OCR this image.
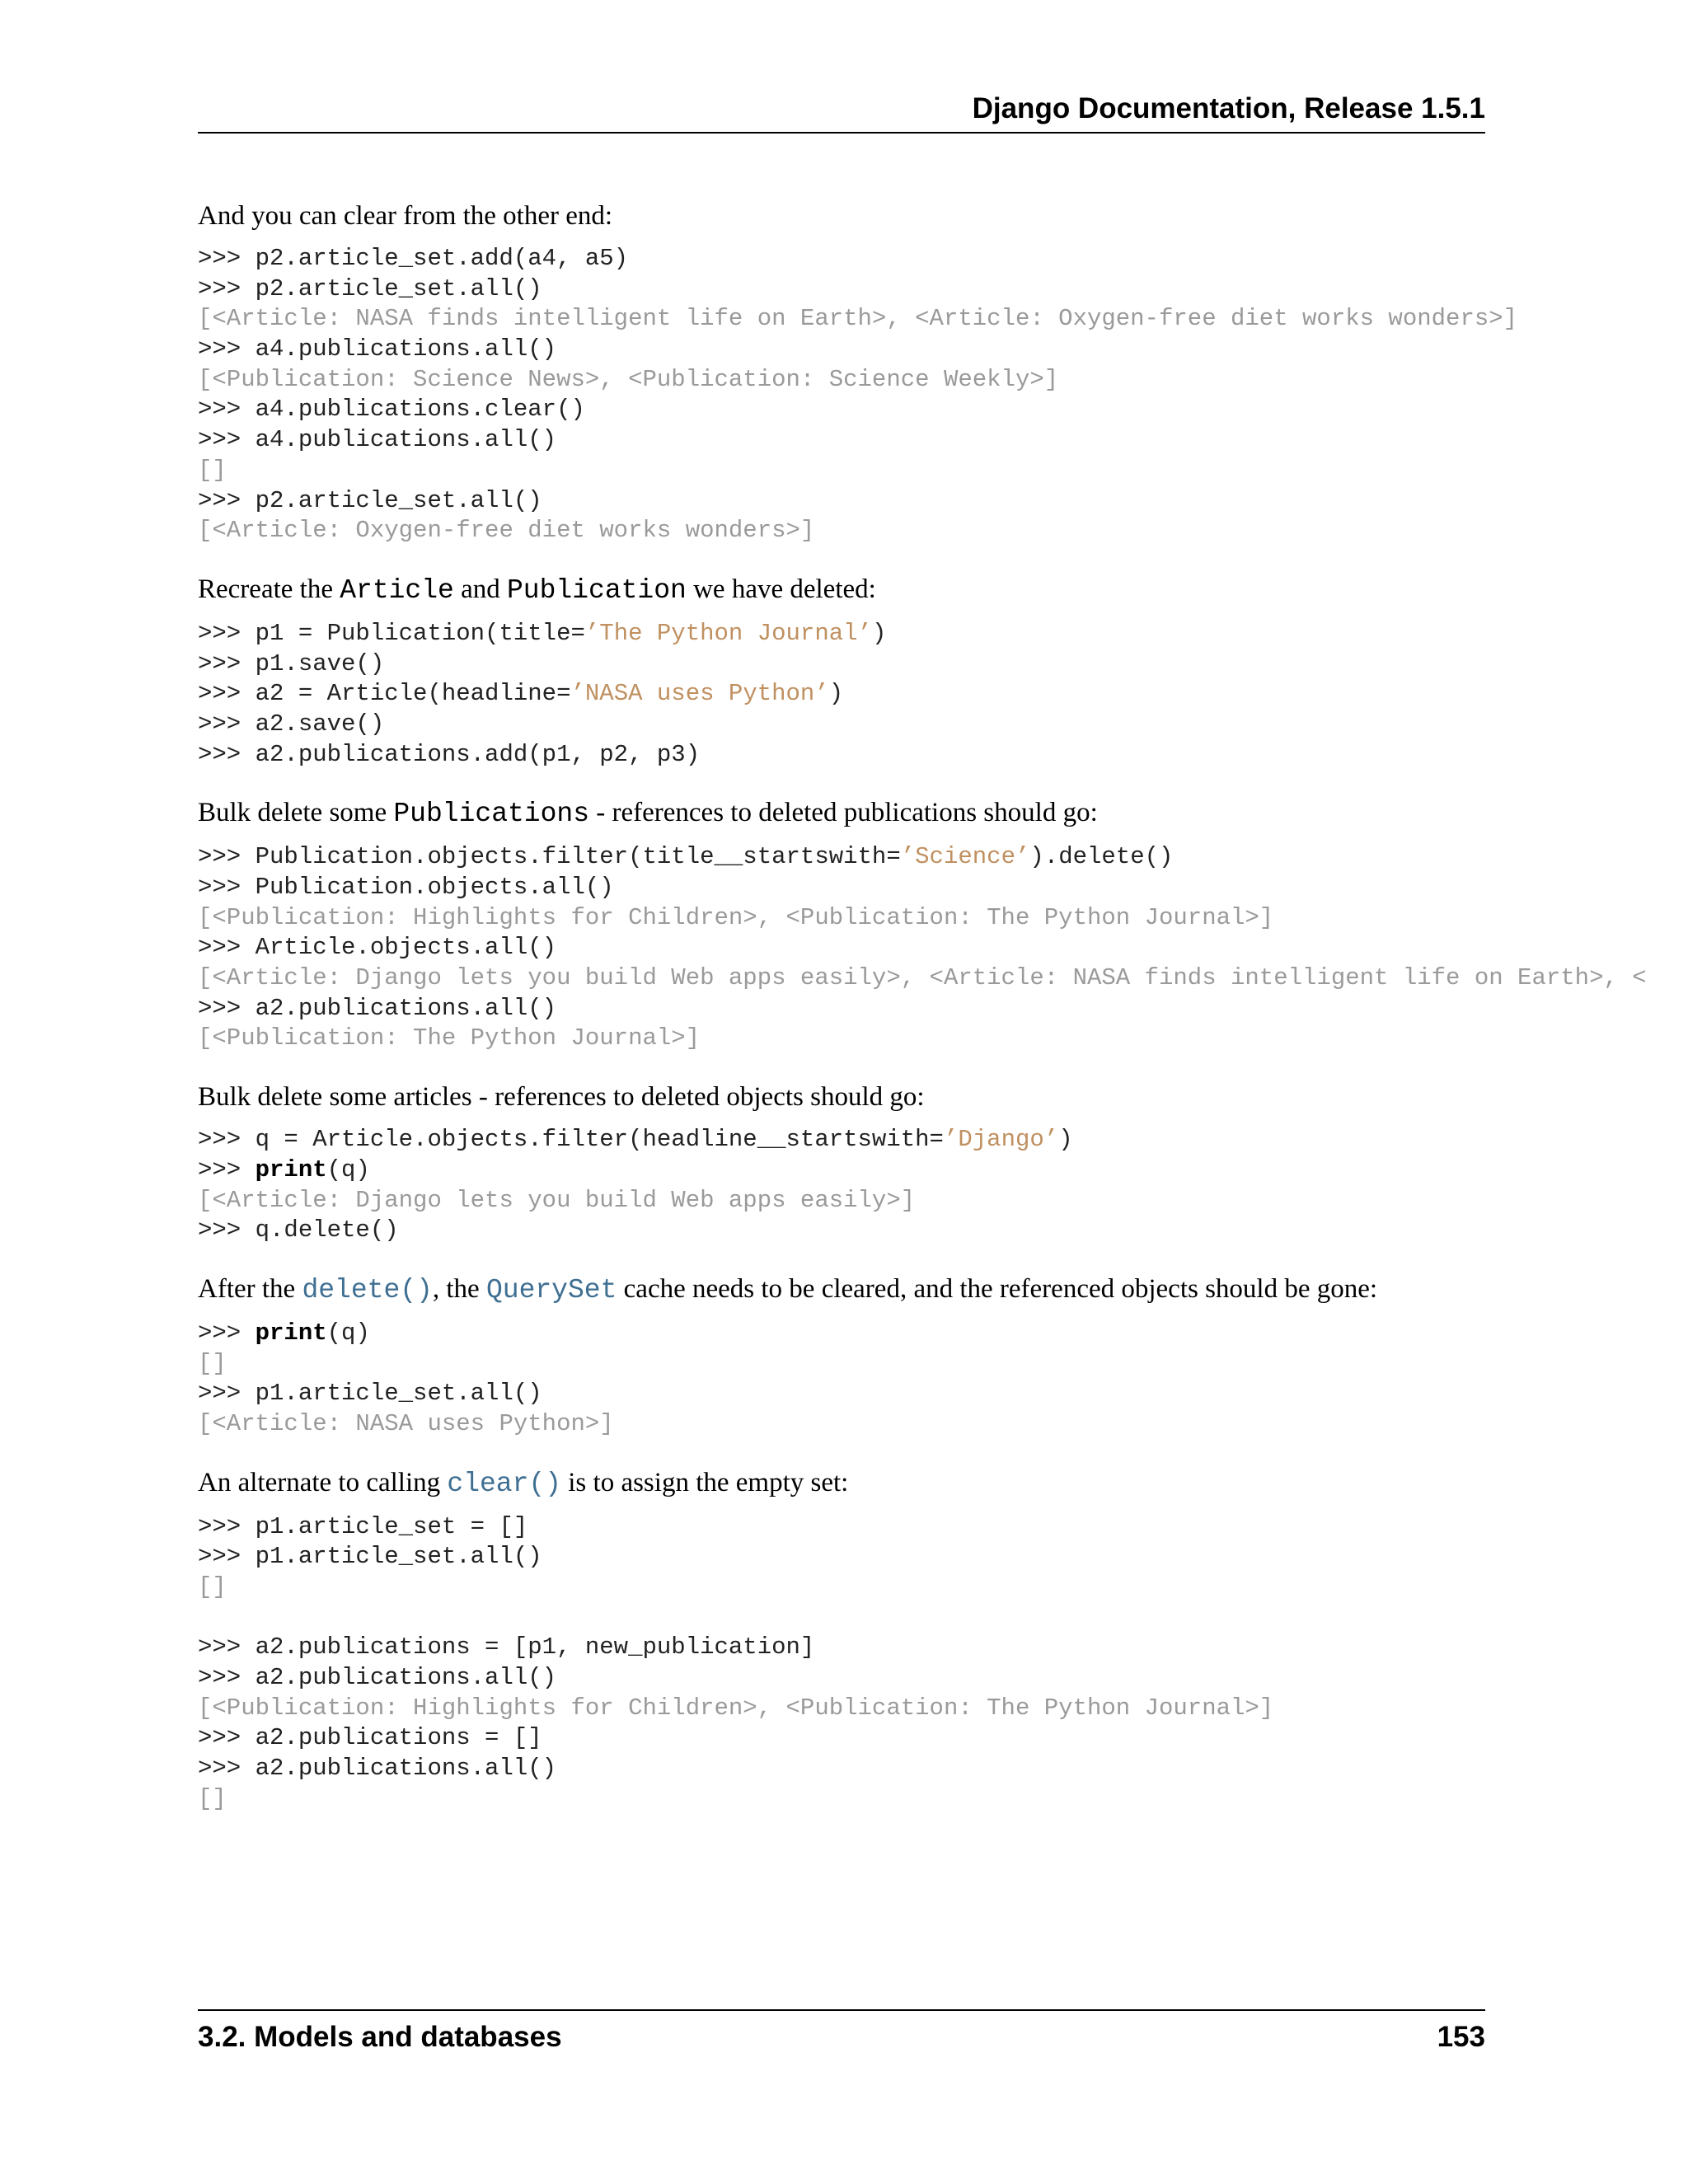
Django Documentation, Release 1.5.1

And you can clear from the other end:

>>> p2.article_set.add(a4, a5)
>>> p2.article_set.all()
[<Article: NASA finds intelligent life on Earth>, <Article: Oxygen-free diet works wonders>]
>>> a4.publications.all()
[<Publication: Science News>, <Publication: Science Weekly>]
>>> a4.publications.clear()
>>> a4.publications.all()
[]
>>> p2.article_set.all()
[<Article: Oxygen-free diet works wonders>]

Recreate the Article and Publication we have deleted:

>>> p1 = Publication(title=’The Python Journal’)
>>> p1.save()
>>> a2 = Article(headline=’NASA uses Python’)
>>> a2.save()
>>> a2.publications.add(p1, p2, p3)

Bulk delete some Publications - references to deleted publications should go:

>>> Publication.objects.filter(title__startswith=’Science’).delete()
>>> Publication.objects.all()
[<Publication: Highlights for Children>, <Publication: The Python Journal>]
>>> Article.objects.all()
[<Article: Django lets you build Web apps easily>, <Article: NASA finds intelligent life on Earth>, <
>>> a2.publications.all()
[<Publication: The Python Journal>]

Bulk delete some articles - references to deleted objects should go:

>>> q = Article.objects.filter(headline__startswith=’Django’)
>>> print(q)
[<Article: Django lets you build Web apps easily>]
>>> q.delete()

After the delete(), the QuerySet cache needs to be cleared, and the referenced objects should be gone:

>>> print(q)
[]
>>> p1.article_set.all()
[<Article: NASA uses Python>]

An alternate to calling clear() is to assign the empty set:

>>> p1.article_set = []
>>> p1.article_set.all()
[]
>>> a2.publications = [p1, new_publication]
>>> a2.publications.all()
[<Publication: Highlights for Children>, <Publication: The Python Journal>]
>>> a2.publications = []
>>> a2.publications.all()
[]
3.2. Models and databases	153
